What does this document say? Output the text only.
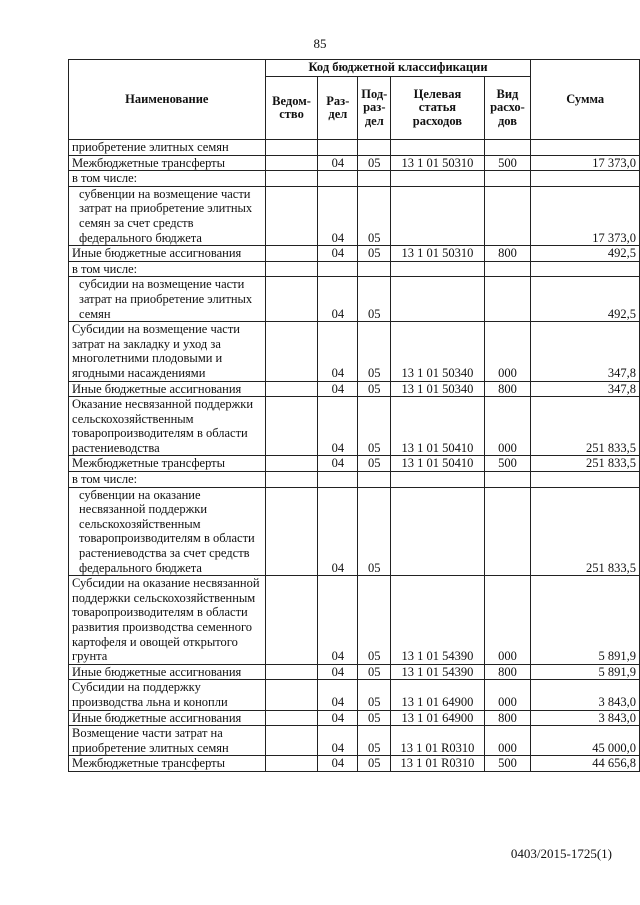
85
Наименование	Код бюджетной классификации					Сумма
	Ведом-ство	Раз-дел	Под-раз-дел	Целевая статья расходов	Вид расхо-дов	
приобретение элитных семян						
Межбюджетные трансферты		04	05	13 1 01 50310	500	17 373,0
в том числе:						
субвенции на возмещение части затрат на приобретение элитных семян за счет средств федерального бюджета		04	05			17 373,0
Иные бюджетные ассигнования		04	05	13 1 01 50310	800	492,5
в том числе:						
субсидии на возмещение части затрат на приобретение элитных семян		04	05			492,5
Субсидии на возмещение части затрат на закладку и уход за многолетними плодовыми и ягодными насаждениями		04	05	13 1 01 50340	000	347,8
Иные бюджетные ассигнования		04	05	13 1 01 50340	800	347,8
Оказание несвязанной поддержки сельскохозяйственным товаропроизводителям в области растениеводства		04	05	13 1 01 50410	000	251 833,5
Межбюджетные трансферты		04	05	13 1 01 50410	500	251 833,5
в том числе:						
субвенции на оказание несвязанной поддержки сельскохозяйственным товаропроизводителям в области растениеводства за счет средств федерального бюджета		04	05			251 833,5
Субсидии на оказание несвязанной поддержки сельскохозяйственным товаропроизводителям в области развития производства семенного картофеля и овощей открытого грунта		04	05	13 1 01 54390	000	5 891,9
Иные бюджетные ассигнования		04	05	13 1 01 54390	800	5 891,9
Субсидии на поддержку производства льна и конопли		04	05	13 1 01 64900	000	3 843,0
Иные бюджетные ассигнования		04	05	13 1 01 64900	800	3 843,0
Возмещение части затрат на приобретение элитных семян		04	05	13 1 01 R0310	000	45 000,0
Межбюджетные трансферты		04	05	13 1 01 R0310	500	44 656,8
0403/2015-1725(1)
